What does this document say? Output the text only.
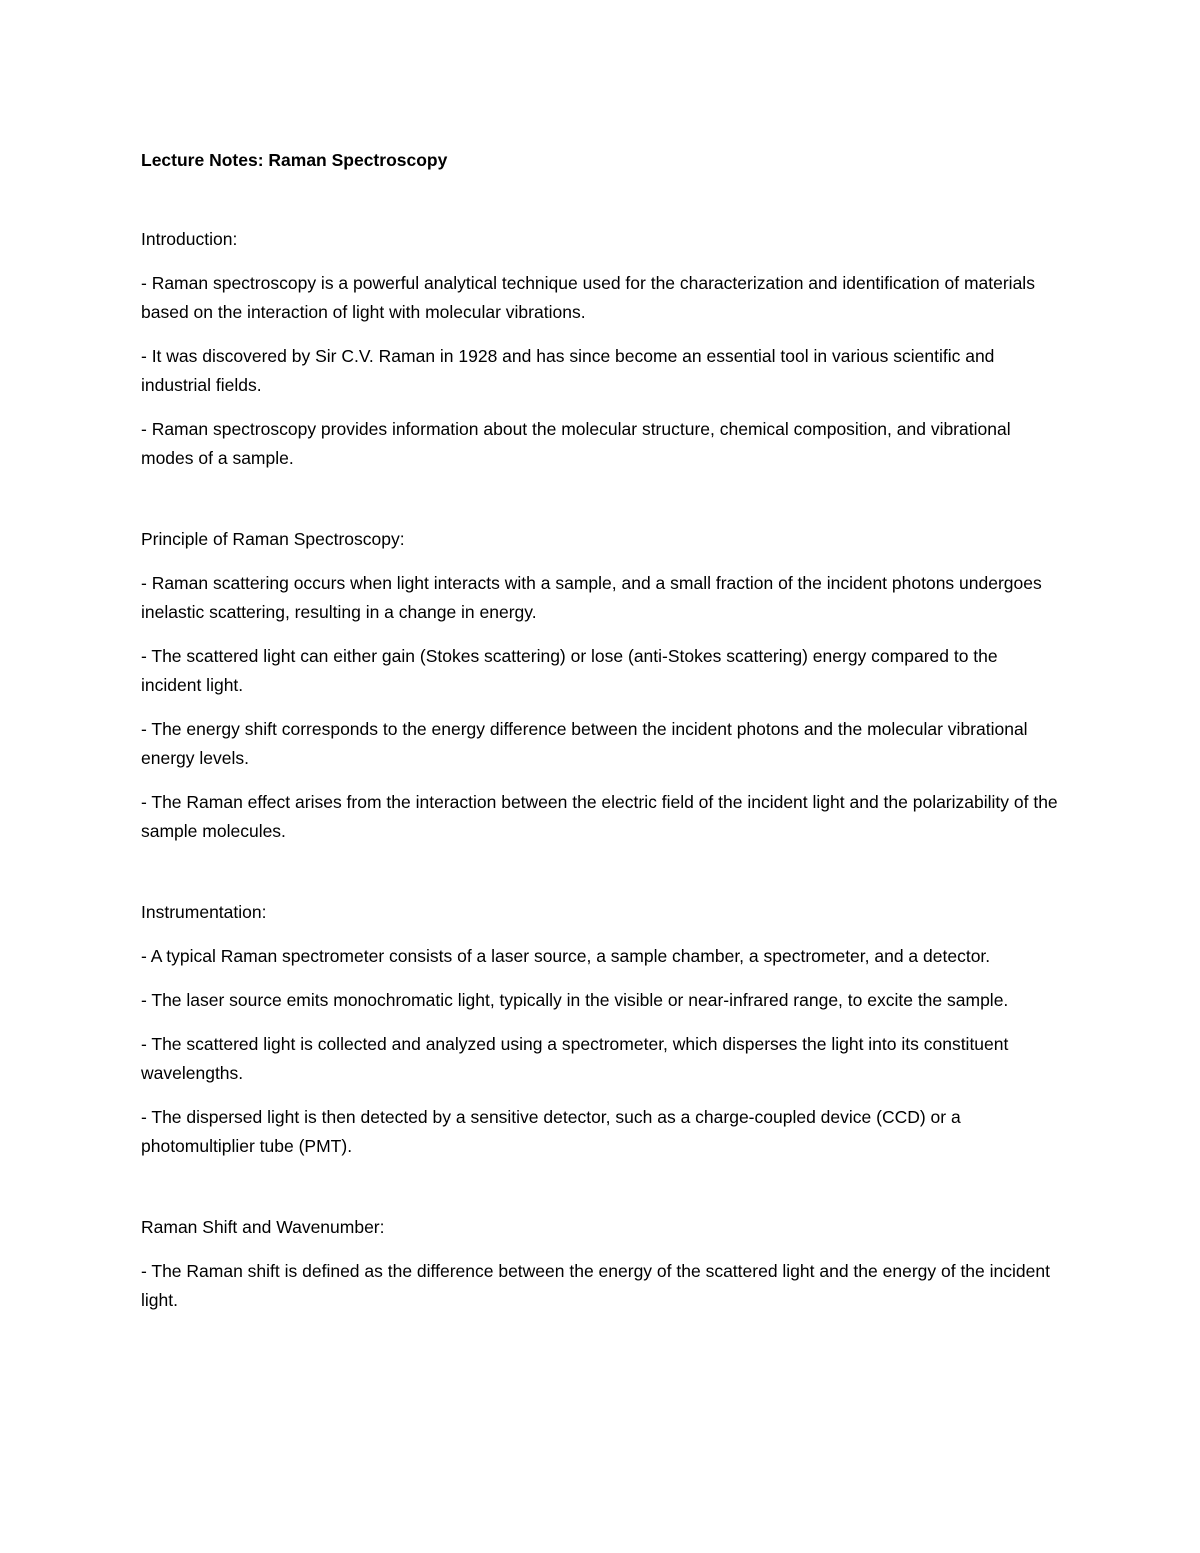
Lecture Notes: Raman Spectroscopy
Introduction:

- Raman spectroscopy is a powerful analytical technique used for the characterization and identification of materials based on the interaction of light with molecular vibrations.

- It was discovered by Sir C.V. Raman in 1928 and has since become an essential tool in various scientific and industrial fields.

- Raman spectroscopy provides information about the molecular structure, chemical composition, and vibrational modes of a sample.

Principle of Raman Spectroscopy:

- Raman scattering occurs when light interacts with a sample, and a small fraction of the incident photons undergoes inelastic scattering, resulting in a change in energy.

- The scattered light can either gain (Stokes scattering) or lose (anti-Stokes scattering) energy compared to the incident light.

- The energy shift corresponds to the energy difference between the incident photons and the molecular vibrational energy levels.

- The Raman effect arises from the interaction between the electric field of the incident light and the polarizability of the sample molecules.

Instrumentation:

- A typical Raman spectrometer consists of a laser source, a sample chamber, a spectrometer, and a detector.

- The laser source emits monochromatic light, typically in the visible or near-infrared range, to excite the sample.

- The scattered light is collected and analyzed using a spectrometer, which disperses the light into its constituent wavelengths.

- The dispersed light is then detected by a sensitive detector, such as a charge-coupled device (CCD) or a photomultiplier tube (PMT).

Raman Shift and Wavenumber:

- The Raman shift is defined as the difference between the energy of the scattered light and the energy of the incident light.
